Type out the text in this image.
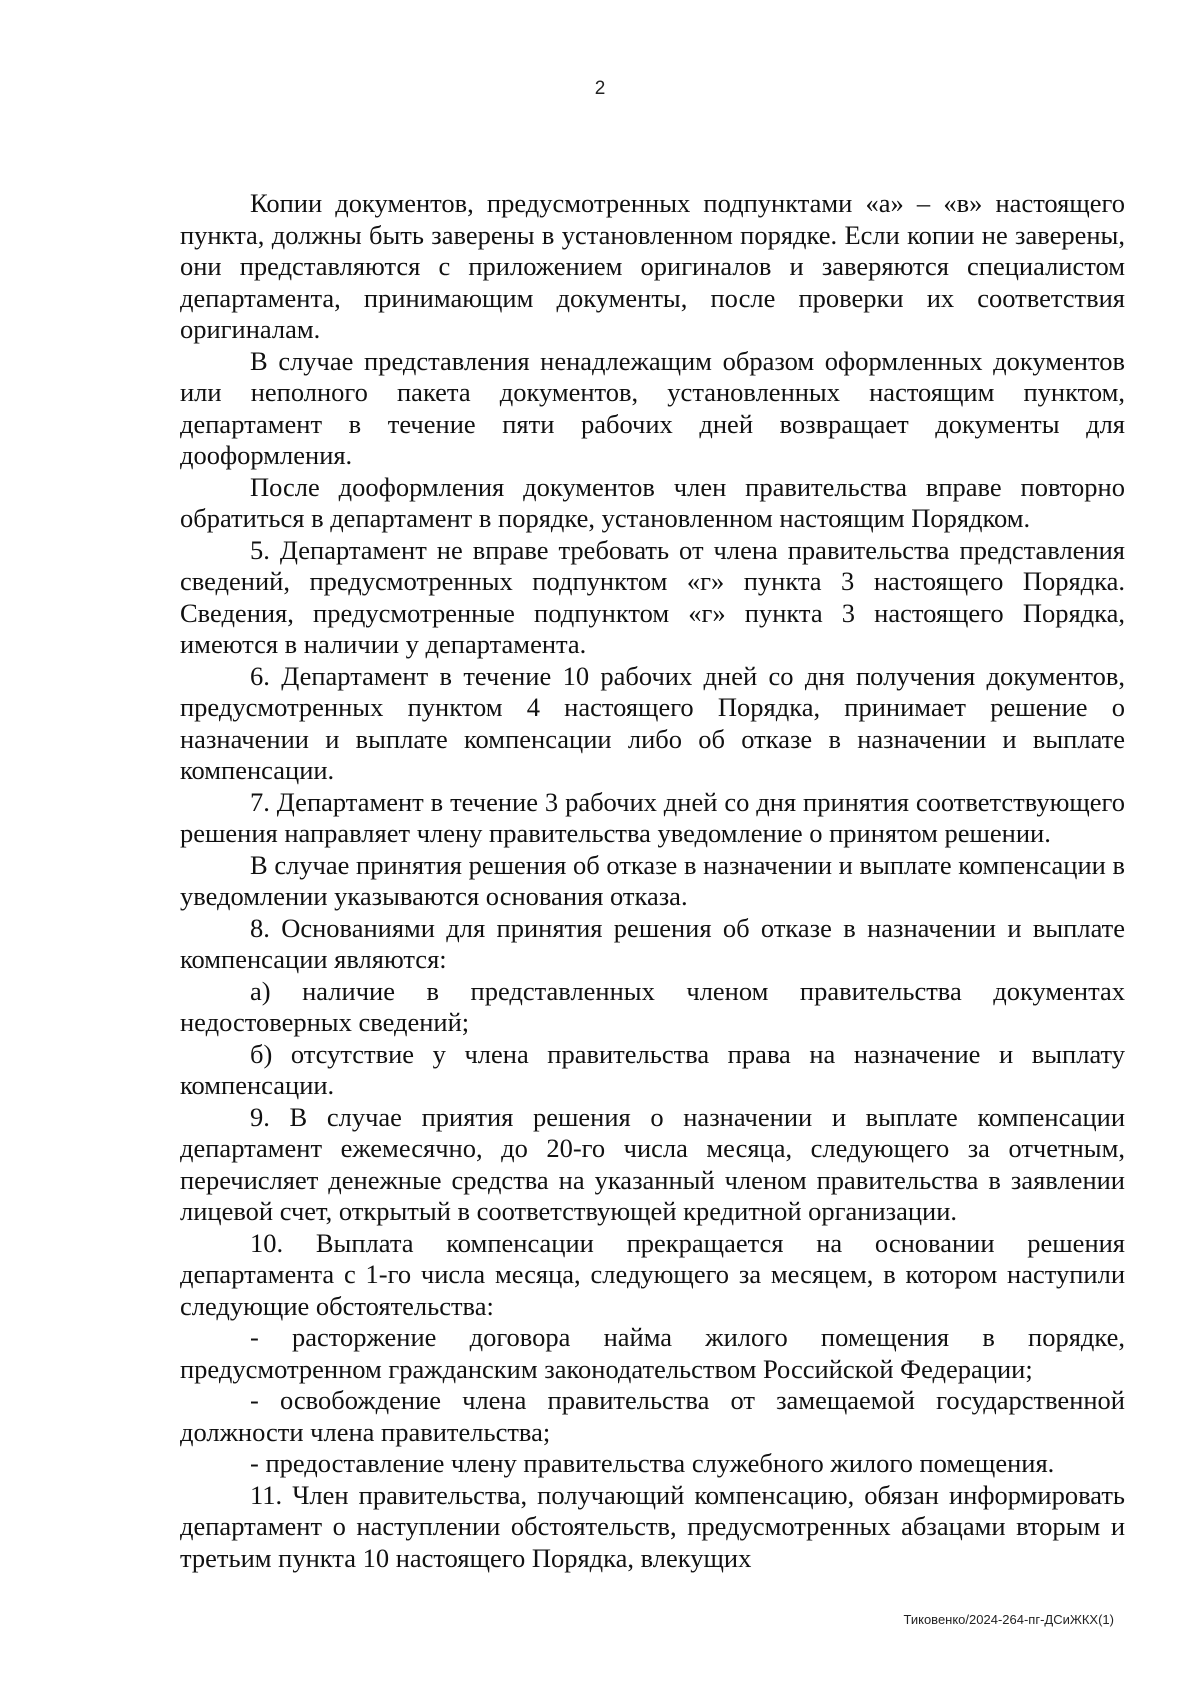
2

Копии документов, предусмотренных подпунктами «а» – «в» настоящего пункта, должны быть заверены в установленном порядке. Если копии не заверены, они представляются с приложением оригиналов и заверяются специалистом департамента, принимающим документы, после проверки их соответствия оригиналам.

В случае представления ненадлежащим образом оформленных документов или неполного пакета документов, установленных настоящим пунктом, департамент в течение пяти рабочих дней возвращает документы для дооформления.

После дооформления документов член правительства вправе повторно обратиться в департамент в порядке, установленном настоящим Порядком.

5. Департамент не вправе требовать от члена правительства представления сведений, предусмотренных подпунктом «г» пункта 3 настоящего Порядка. Сведения, предусмотренные подпунктом «г» пункта 3 настоящего Порядка, имеются в наличии у департамента.

6. Департамент в течение 10 рабочих дней со дня получения документов, предусмотренных пунктом 4 настоящего Порядка, принимает решение о назначении и выплате компенсации либо об отказе в назначении и выплате компенсации.

7. Департамент в течение 3 рабочих дней со дня принятия соответствующего решения направляет члену правительства уведомление о принятом решении.

В случае принятия решения об отказе в назначении и выплате компенсации в уведомлении указываются основания отказа.

8. Основаниями для принятия решения об отказе в назначении и выплате компенсации являются:

а) наличие в представленных членом правительства документах недостоверных сведений;

б) отсутствие у члена правительства права на назначение и выплату компенсации.

9. В случае приятия решения о назначении и выплате компенсации департамент ежемесячно, до 20-го числа месяца, следующего за отчетным, перечисляет денежные средства на указанный членом правительства в заявлении лицевой счет, открытый в соответствующей кредитной организации.

10. Выплата компенсации прекращается на основании решения департамента с 1-го числа месяца, следующего за месяцем, в котором наступили следующие обстоятельства:

- расторжение договора найма жилого помещения в порядке, предусмотренном гражданским законодательством Российской Федерации;

- освобождение члена правительства от замещаемой государственной должности члена правительства;

- предоставление члену правительства служебного жилого помещения.

11. Член правительства, получающий компенсацию, обязан информировать департамент о наступлении обстоятельств, предусмотренных абзацами вторым и третьим пункта 10 настоящего Порядка, влекущих

Тиковенко/2024-264-пг-ДСиЖКХ(1)
